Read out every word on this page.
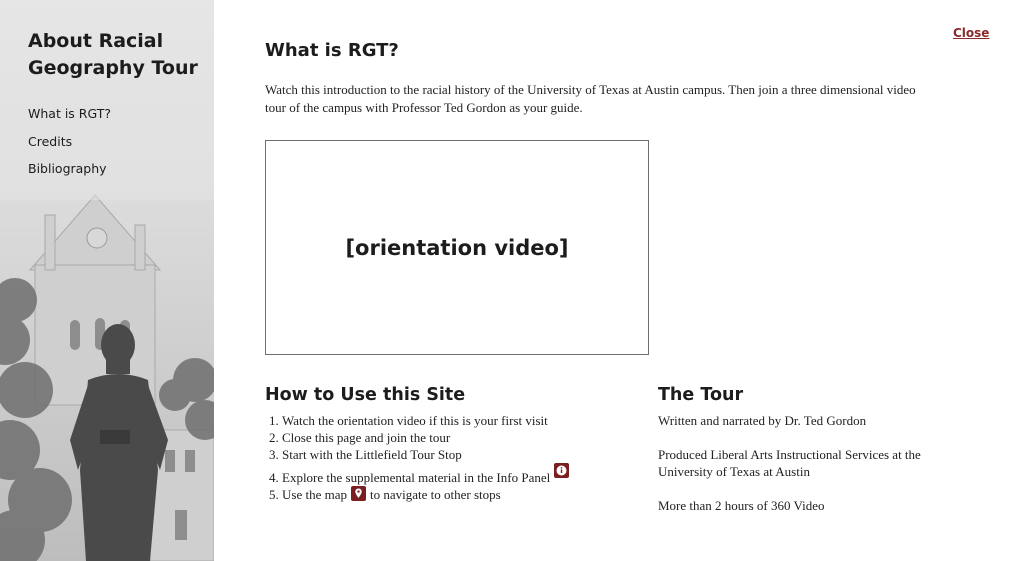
About Racial Geography Tour
What is RGT?
Credits
Bibliography
Close
What is RGT?

Watch this introduction to the racial history of the University of Texas at Austin campus. Then join a three dimensional video tour of the campus with Professor Ted Gordon as your guide.

[orientation video]
How to Use this Site
1. Watch the orientation video if this is your first visit
2. Close this page and join the tour
3. Start with the Littlefield Tour Stop
4. Explore the supplemental material in the Info Panel
5. Use the map to navigate to other stops
The Tour

Written and narrated by Dr. Ted Gordon

Produced Liberal Arts Instructional Services at the University of Texas at Austin

More than 2 hours of 360 Video
